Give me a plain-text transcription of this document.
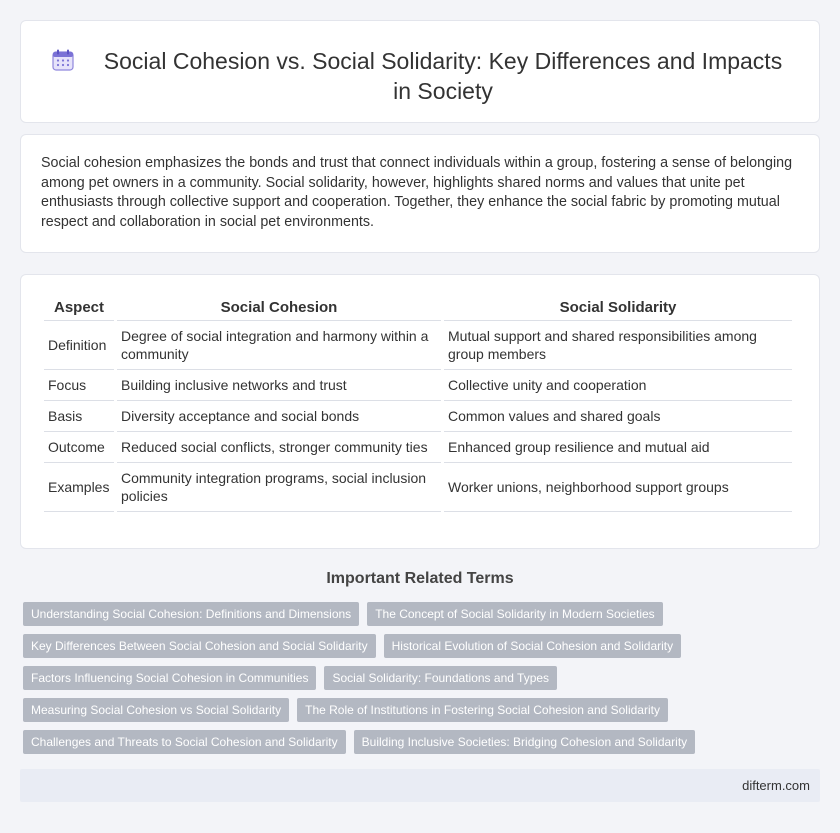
Social Cohesion vs. Social Solidarity: Key Differences and Impacts in Society

Social cohesion emphasizes the bonds and trust that connect individuals within a group, fostering a sense of belonging among pet owners in a community. Social solidarity, however, highlights shared norms and values that unite pet enthusiasts through collective support and cooperation. Together, they enhance the social fabric by promoting mutual respect and collaboration in social pet environments.

Aspect	Social Cohesion	Social Solidarity
Definition	Degree of social integration and harmony within a community	Mutual support and shared responsibilities among group members
Focus	Building inclusive networks and trust	Collective unity and cooperation
Basis	Diversity acceptance and social bonds	Common values and shared goals
Outcome	Reduced social conflicts, stronger community ties	Enhanced group resilience and mutual aid
Examples	Community integration programs, social inclusion policies	Worker unions, neighborhood support groups
Important Related Terms
Understanding Social Cohesion: Definitions and Dimensions	The Concept of Social Solidarity in Modern Societies
Key Differences Between Social Cohesion and Social Solidarity	Historical Evolution of Social Cohesion and Solidarity
Factors Influencing Social Cohesion in Communities	Social Solidarity: Foundations and Types
Measuring Social Cohesion vs Social Solidarity	The Role of Institutions in Fostering Social Cohesion and Solidarity
Challenges and Threats to Social Cohesion and Solidarity	Building Inclusive Societies: Bridging Cohesion and Solidarity
difterm.com
